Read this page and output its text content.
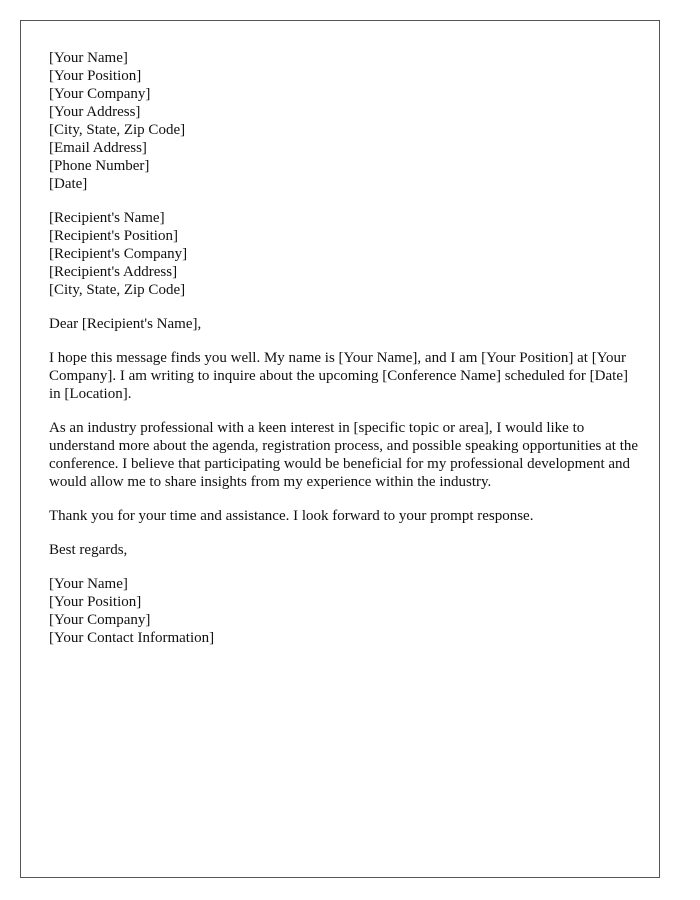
[Your Name]
[Your Position]
[Your Company]
[Your Address]
[City, State, Zip Code]
[Email Address]
[Phone Number]
[Date]
[Recipient's Name]
[Recipient's Position]
[Recipient's Company]
[Recipient's Address]
[City, State, Zip Code]

Dear [Recipient's Name],

I hope this message finds you well. My name is [Your Name], and I am [Your Position] at [Your Company]. I am writing to inquire about the upcoming [Conference Name] scheduled for [Date] in [Location].

As an industry professional with a keen interest in [specific topic or area], I would like to understand more about the agenda, registration process, and possible speaking opportunities at the conference. I believe that participating would be beneficial for my professional development and would allow me to share insights from my experience within the industry.

Thank you for your time and assistance. I look forward to your prompt response.

Best regards,

[Your Name]
[Your Position]
[Your Company]
[Your Contact Information]
